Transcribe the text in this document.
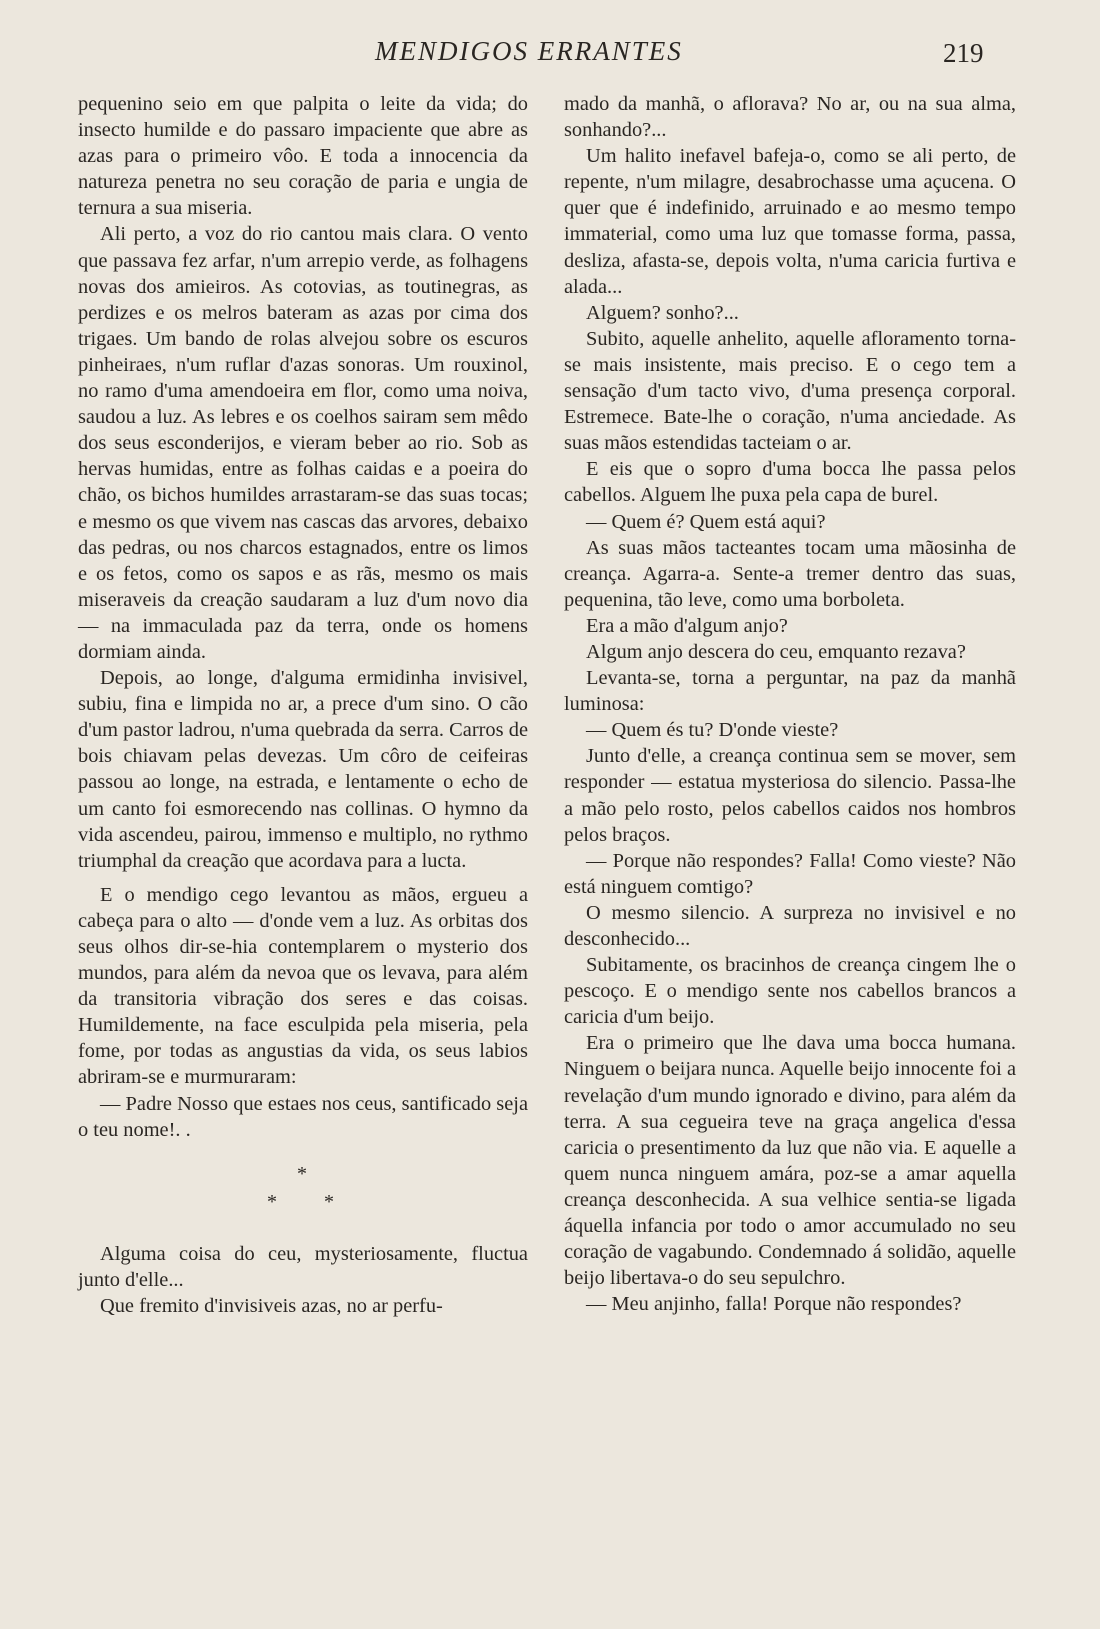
MENDIGOS ERRANTES	219

pequenino seio em que palpita o leite da vida; do insecto humilde e do passaro impaciente que abre as azas para o primeiro vôo. E toda a innocencia da natureza penetra no seu coração de paria e ungia de ternura a sua miseria.

Ali perto, a voz do rio cantou mais clara. O vento que passava fez arfar, n'um arrepio verde, as folhagens novas dos amieiros. As cotovias, as toutinegras, as perdizes e os melros bateram as azas por cima dos trigaes. Um bando de rolas alvejou sobre os escuros pinheiraes, n'um ruflar d'azas sonoras. Um rouxinol, no ramo d'uma amendoeira em flor, como uma noiva, saudou a luz. As lebres e os coelhos sairam sem mêdo dos seus esconderijos, e vieram beber ao rio. Sob as hervas humidas, entre as folhas caidas e a poeira do chão, os bichos humildes arrastaram-se das suas tocas; e mesmo os que vivem nas cascas das arvores, debaixo das pedras, ou nos charcos estagnados, entre os limos e os fetos, como os sapos e as rãs, mesmo os mais miseraveis da creação saudaram a luz d'um novo dia — na immaculada paz da terra, onde os homens dormiam ainda.

Depois, ao longe, d'alguma ermidinha invisivel, subiu, fina e limpida no ar, a prece d'um sino. O cão d'um pastor ladrou, n'uma quebrada da serra. Carros de bois chiavam pelas devezas. Um côro de ceifeiras passou ao longe, na estrada, e lentamente o echo de um canto foi esmorecendo nas collinas. O hymno da vida ascendeu, pairou, immenso e multiplo, no rythmo triumphal da creação que acordava para a lucta.

E o mendigo cego levantou as mãos, ergueu a cabeça para o alto — d'onde vem a luz. As orbitas dos seus olhos dir-se-hia contemplarem o mysterio dos mundos, para além da nevoa que os levava, para além da transitoria vibração dos seres e das coisas. Humildemente, na face esculpida pela miseria, pela fome, por todas as angustias da vida, os seus labios abriram-se e murmuraram:

— Padre Nosso que estaes nos ceus, santificado seja o teu nome!. .

*
* *

Alguma coisa do ceu, mysteriosamente, fluctua junto d'elle...

Que fremito d'invisiveis azas, no ar perfu-

mado da manhã, o aflorava? No ar, ou na sua alma, sonhando?...

Um halito inefavel bafeja-o, como se ali perto, de repente, n'um milagre, desabrochasse uma açucena. O quer que é indefinido, arruinado e ao mesmo tempo immaterial, como uma luz que tomasse forma, passa, desliza, afasta-se, depois volta, n'uma caricia furtiva e alada...

Alguem? sonho?...

Subito, aquelle anhelito, aquelle afloramento torna-se mais insistente, mais preciso. E o cego tem a sensação d'um tacto vivo, d'uma presença corporal. Estremece. Bate-lhe o coração, n'uma anciedade. As suas mãos estendidas tacteiam o ar.

E eis que o sopro d'uma bocca lhe passa pelos cabellos. Alguem lhe puxa pela capa de burel.

— Quem é? Quem está aqui?

As suas mãos tacteantes tocam uma mãosinha de creança. Agarra-a. Sente-a tremer dentro das suas, pequenina, tão leve, como uma borboleta.

Era a mão d'algum anjo?

Algum anjo descera do ceu, emquanto rezava?

Levanta-se, torna a perguntar, na paz da manhã luminosa:

— Quem és tu? D'onde vieste?

Junto d'elle, a creança continua sem se mover, sem responder — estatua mysteriosa do silencio. Passa-lhe a mão pelo rosto, pelos cabellos caidos nos hombros pelos braços.

— Porque não respondes? Falla! Como vieste? Não está ninguem comtigo?

O mesmo silencio. A surpreza no invisivel e no desconhecido...

Subitamente, os bracinhos de creança cingem lhe o pescoço. E o mendigo sente nos cabellos brancos a caricia d'um beijo.

Era o primeiro que lhe dava uma bocca humana. Ninguem o beijara nunca. Aquelle beijo innocente foi a revelação d'um mundo ignorado e divino, para além da terra. A sua cegueira teve na graça angelica d'essa caricia o presentimento da luz que não via. E aquelle a quem nunca ninguem amára, poz-se a amar aquella creança desconhecida. A sua velhice sentia-se ligada áquella infancia por todo o amor accumulado no seu coração de vagabundo. Condemnado á solidão, aquelle beijo libertava-o do seu sepulchro.

— Meu anjinho, falla! Porque não respondes?
